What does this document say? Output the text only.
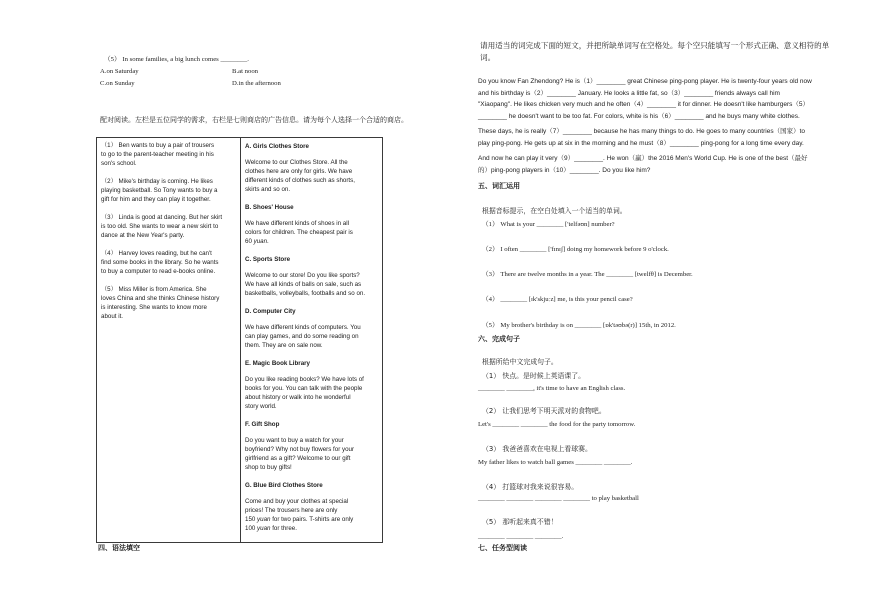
（5） In some families, a big lunch comes ________.
A.on Saturday	B.at noon
C.on Sunday	D.in the afternoon
配对阅读。左栏是五位同学的需求，右栏是七则商店的广告信息。请为每个人选择一个合适的商店。
（1） Ben wants to buy a pair of trousers
to go to the parent-teacher meeting in his
son's school.
（2） Mike's birthday is coming. He likes
playing basketball. So Tony wants to buy a
gift for him and they can play it together.
（3） Linda is good at dancing. But her skirt
is too old. She wants to wear a new skirt to
dance at the New Year's party.
（4） Harvey loves reading, but he can't
find some books in the library. So he wants
to buy a computer to read e-books online.
（5） Miss Miller is from America. She
loves China and she thinks Chinese history
is interesting. She wants to know more
about it.
A. Girls Clothes Store
Welcome to our Clothes Store. All the
clothes here are only for girls. We have
different kinds of clothes such as shorts,
skirts and so on.
B. Shoes' House
We have different kinds of shoes in all
colors for children. The cheapest pair is
60 yuan.
C. Sports Store
Welcome to our store! Do you like sports?
We have all kinds of balls on sale, such as
basketballs, volleyballs, footballs and so on.
D. Computer City
We have different kinds of computers. You
can play games, and do some reading on
them. They are on sale now.
E. Magic Book Library
Do you like reading books? We have lots of
books for you. You can talk with the people
about history or walk into he wonderful
story world.
F. Gift Shop
Do you want to buy a watch for your
boyfriend? Why not buy flowers for your
girlfriend as a gift? Welcome to our gift
shop to buy gifts!
G. Blue Bird Clothes Store
Come and buy your clothes at special
prices! The trousers here are only
150 yuan for two pairs. T-shirts are only
100 yuan for three.
四、语法填空
请用适当的词完成下面的短文，并把所缺单词写在空格处。每个空只能填写一个形式正确、意义相符的单词。
Do you know Fan Zhendong? He is（1）________ great Chinese ping-pong player. He is twenty-four years old now
and his birthday is（2）________ January. He looks a little fat, so（3）________ friends always call him
"Xiaopang". He likes chicken very much and he often（4）________ it for dinner. He doesn't like hamburgers（5）
________ he doesn't want to be too fat. For colors, white is his（6）________ and he buys many white clothes.
These days, he is really（7）________ because he has many things to do. He goes to many countries（国家）to
play ping-pong. He gets up at six in the morning and he must（8）________ ping-pong for a long time every day.
And now he can play it very（9）________. He won（赢）the 2016 Men's World Cup. He is one of the best（最好
的）ping-pong players in（10）________. Do you like him?
五、词汇运用
根据音标提示，在空白处填入一个适当的单词。
（1） What is your ________ ['telfəʊn] number?
（2） I often ________ ['fɪnɪʃ] doing my homework before 9 o'clock.
（3） There are twelve months in a year. The ________ [twelfθ] is December.
（4） ________ [ɪk'skjuːz] me, is this your pencil case?
（5） My brother's birthday is on ________ [ɒk'təʊbə(r)] 15th, in 2012.
六、完成句子
根据所给中文完成句子。
（1） 快点。是时候上英语课了。
________ ________, it's time to have an English class.
（2） 让我们思考下明天派对的食物吧。
Let's ________ ________ the food for the party tomorrow.
（3） 我爸爸喜欢在电视上看球赛。
My father likes to watch ball games ________ ________.
（4） 打篮球对我来说很容易。
________ ________ ________ ________ to play basketball
（5） 那听起来真不错！
________ ________ ________.
七、任务型阅读
